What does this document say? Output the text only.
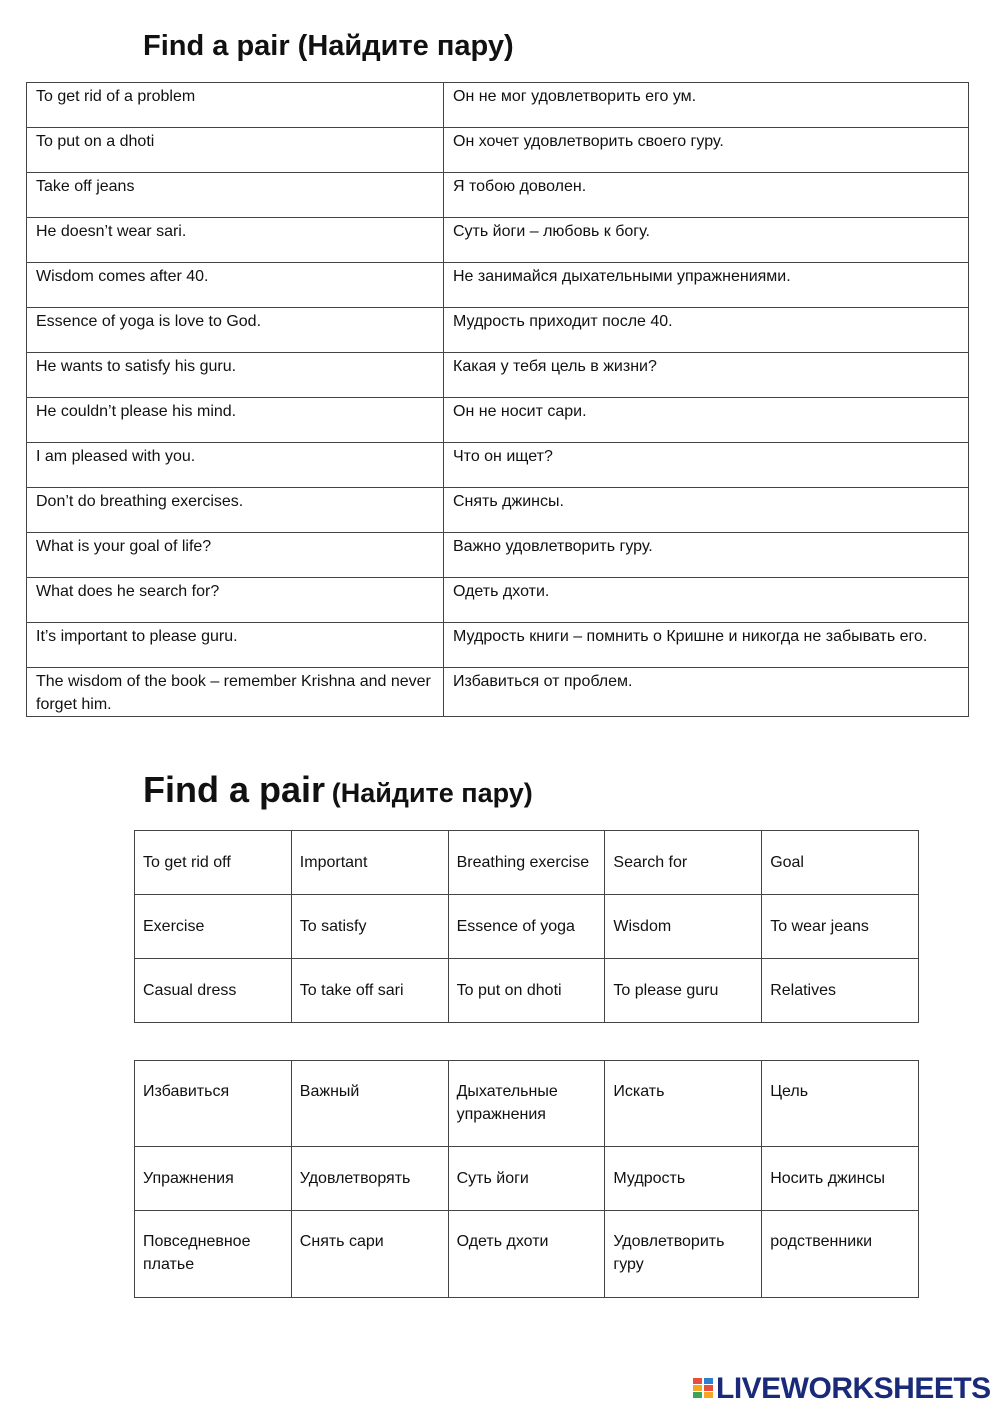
Find a pair (Найдите пару)
To get rid of a problem	Он не мог удовлетворить его ум.
To put on a dhoti	Он хочет удовлетворить своего гуру.
Take off jeans	Я тобою доволен.
He doesn’t wear sari.	Суть йоги – любовь к богу.
Wisdom comes after 40.	Не занимайся дыхательными упражнениями.
Essence of yoga is love to God.	Мудрость приходит после 40.
He wants to satisfy his guru.	Какая у тебя цель в жизни?
He couldn’t please his mind.	Он не носит сари.
I am pleased with you.	Что он ищет?
Don’t do breathing exercises.	Снять джинсы.
What is your goal of life?	Важно удовлетворить гуру.
What does he search for?	Одеть дхоти.
It’s important to please guru.	Мудрость книги – помнить о Кришне и никогда не забывать его.
The wisdom of the book – remember Krishna and never forget him.	Избавиться от проблем.
Find a pair (Найдите пару)
To get rid off	Important	Breathing exercise	Search for	Goal
Exercise	To satisfy	Essence of yoga	Wisdom	To wear jeans
Casual dress	To take off sari	To put on dhoti	To please guru	Relatives
Избавиться	Важный	Дыхательные упражнения	Искать	Цель
Упражнения	Удовлетворять	Суть йоги	Мудрость	Носить джинсы
Повседневное платье	Снять сари	Одеть дхоти	Удовлетворить гуру	родственники
LIVEWORKSHEETS
